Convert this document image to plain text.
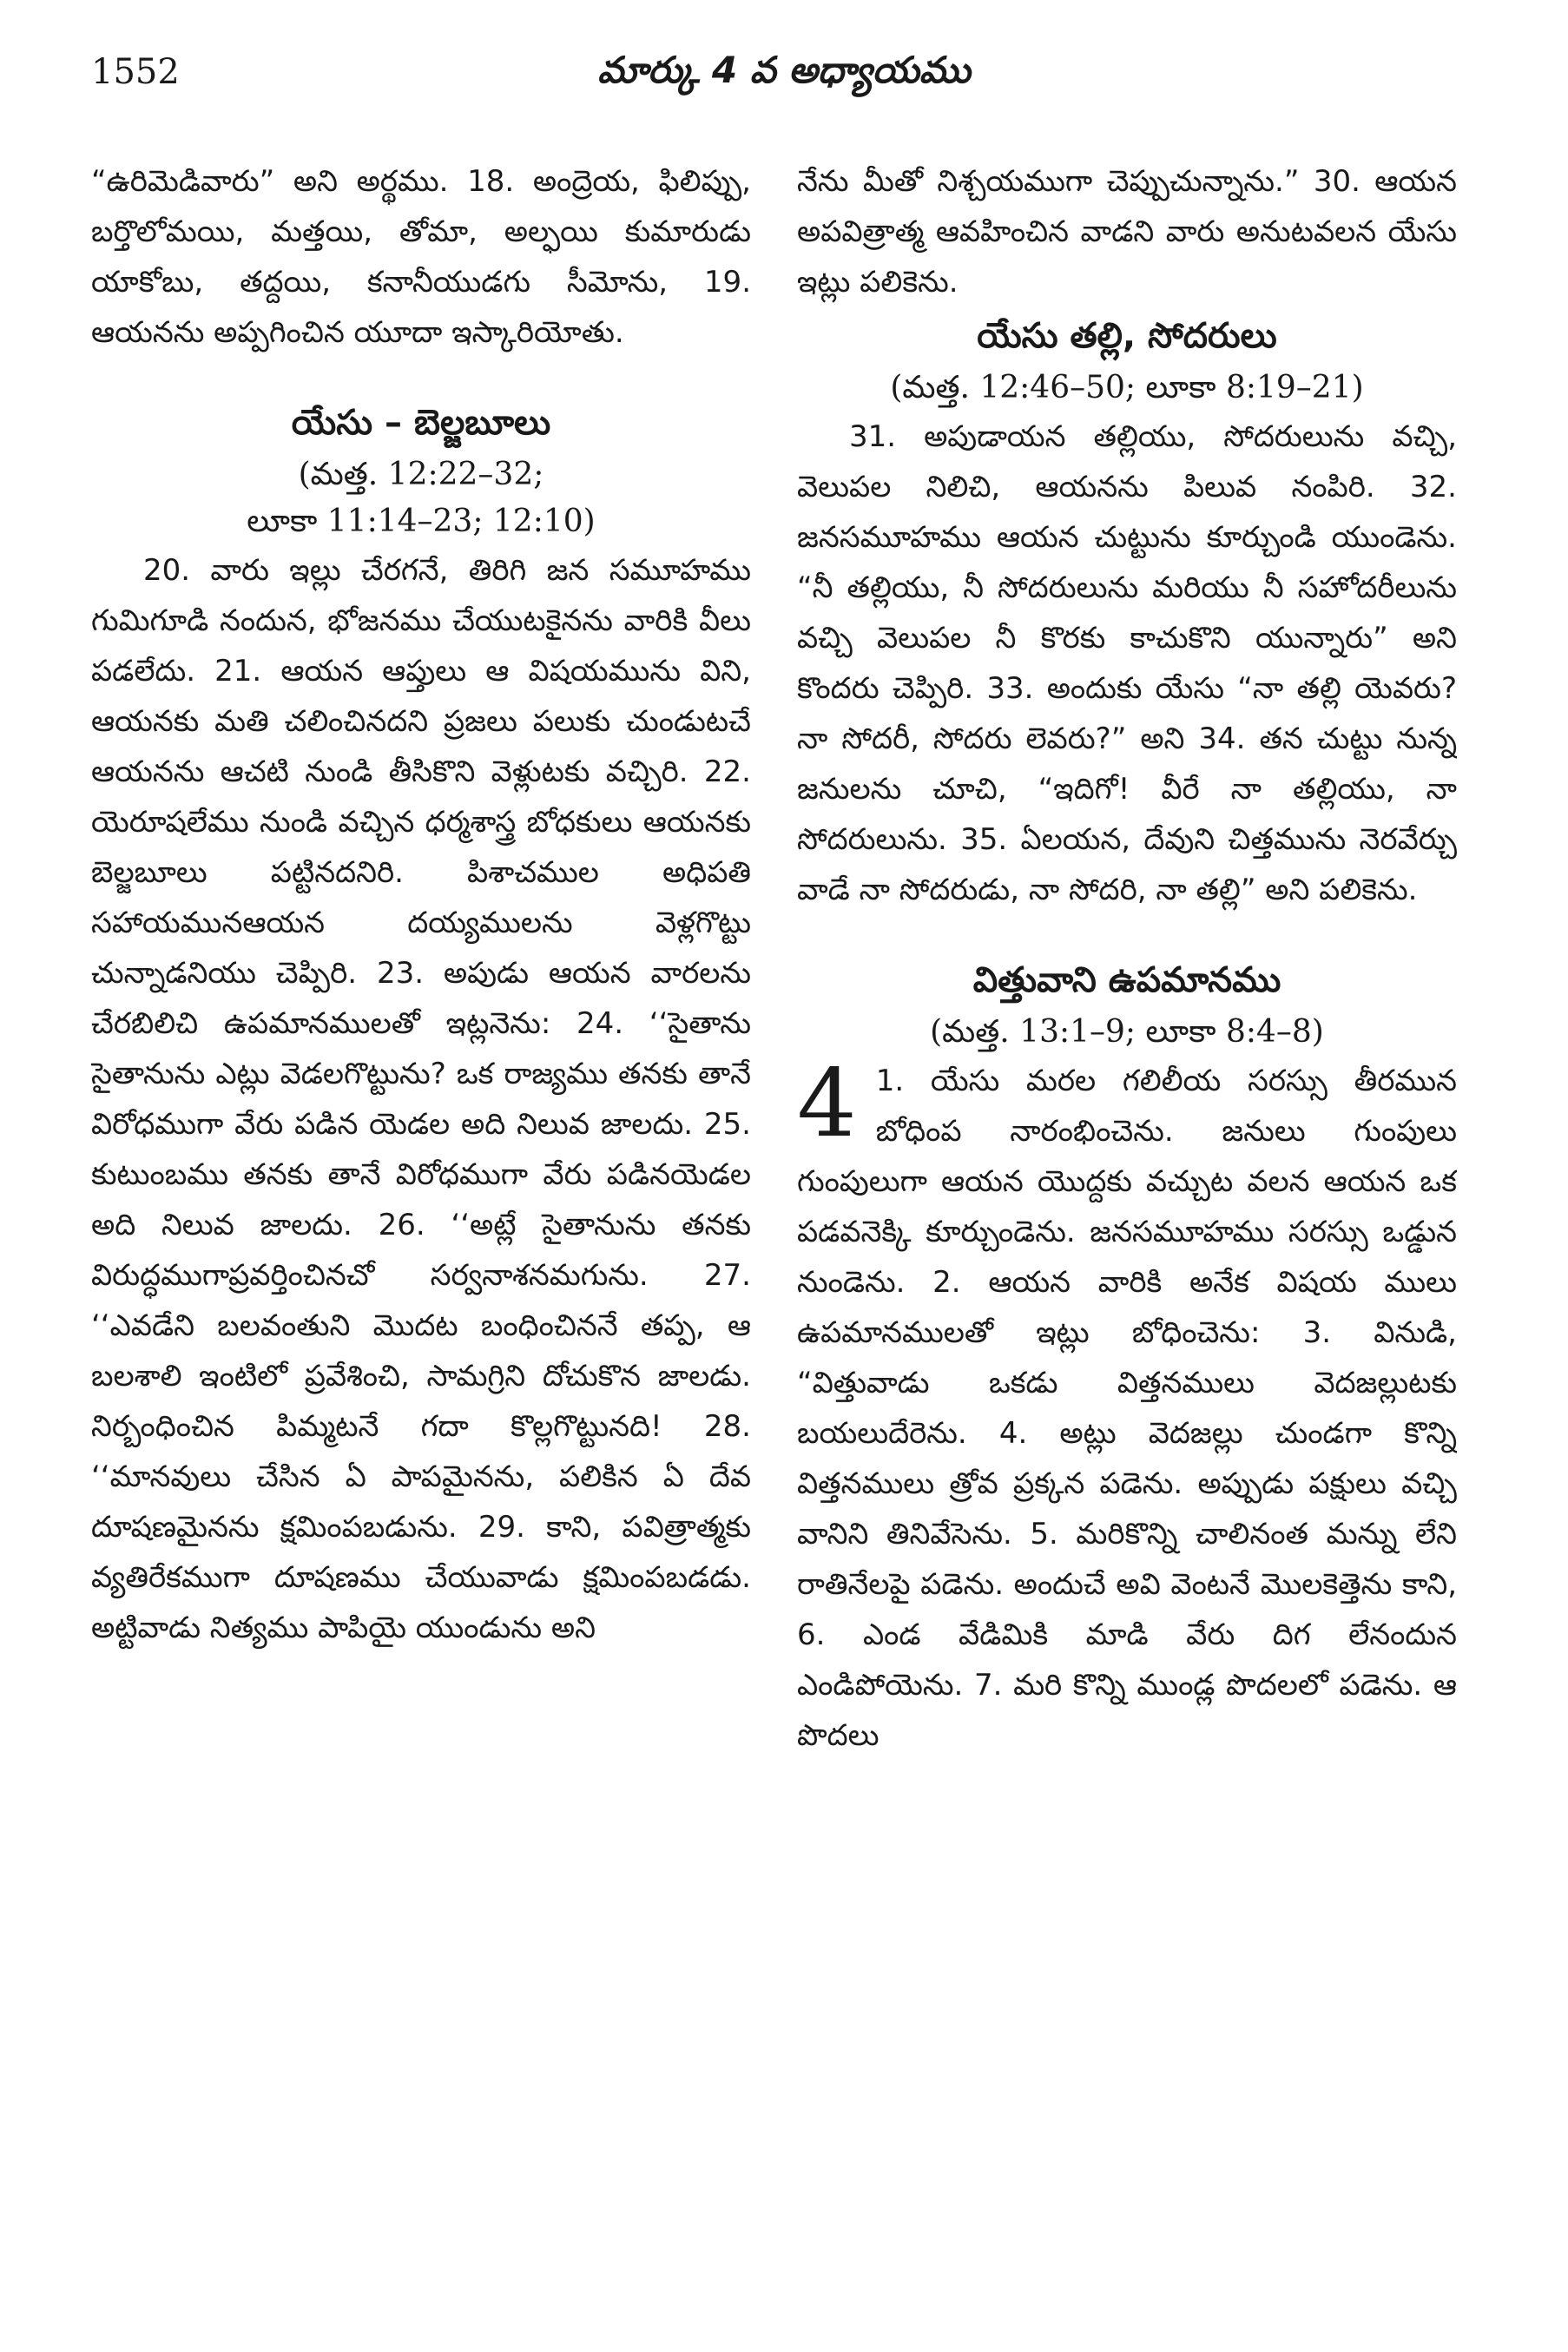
1552	మార్కు 4 వ అధ్యాయము

“ఉరిమెడివారు” అని అర్థము. 18. అంద్రెయ, ఫిలిప్పు, బర్తొలోమయి, మత్తయి, తోమా, అల్ఫయి కుమారుడు యాకోబు, తద్దయి, కనానీయుడగు సీమోను, 19. ఆయనను అప్పగించిన యూదా ఇస్కారియోతు.

యేసు – బెల్జబూలు

(మత్త. 12:22–32;

లూకా 11:14–23; 12:10)

20. వారు ఇల్లు చేరగనే, తిరిగి జన సమూహము గుమిగూడి నందున, భోజనము చేయుటకైనను వారికి వీలు పడలేదు. 21. ఆయన ఆప్తులు ఆ విషయమును విని, ఆయనకు మతి చలించినదని ప్రజలు పలుకు చుండుటచే ఆయనను ఆచటి నుండి తీసికొని వెళ్లుటకు వచ్చిరి. 22. యెరూషలేము నుండి వచ్చిన ధర్మశాస్త్ర బోధకులు ఆయనకు బెల్జబూలు పట్టినదనిరి. పిశాచముల అధిపతి సహాయమునఆయన దయ్యములను వెళ్లగొట్టు చున్నాడనియు చెప్పిరి. 23. అపుడు ఆయన వారలను చేరబిలిచి ఉపమానములతో ఇట్లనెను: 24. ‘‘సైతాను సైతానును ఎట్లు వెడలగొట్టును? ఒక రాజ్యము తనకు తానే విరోధముగా వేరు పడిన యెడల అది నిలువ జాలదు. 25. కుటుంబము తనకు తానే విరోధముగా వేరు పడినయెడల అది నిలువ జాలదు. 26. ‘‘అట్లే సైతానును తనకు విరుద్ధముగాప్రవర్తించినచో సర్వనాశనమగును. 27. ‘‘ఎవడేని బలవంతుని మొదట బంధించిననే తప్ప, ఆ బలశాలి ఇంటిలో ప్రవేశించి, సామగ్రిని దోచుకొన జాలడు. నిర్బంధించిన పిమ్మటనే గదా కొల్లగొట్టునది! 28. ‘‘మానవులు చేసిన ఏ పాపమైనను, పలికిన ఏ దేవ దూషణమైనను క్షమింపబడును. 29. కాని, పవిత్రాత్మకు వ్యతిరేకముగా దూషణము చేయువాడు క్షమింపబడడు. అట్టివాడు నిత్యము పాపియై యుండును అని

నేను మీతో నిశ్చయముగా చెప్పుచున్నాను.” 30. ఆయన అపవిత్రాత్మ ఆవహించిన వాడని వారు అనుటవలన యేసు ఇట్లు పలికెను.

యేసు తల్లి, సోదరులు

(మత్త. 12:46–50; లూకా 8:19–21)

31. అపుడాయన తల్లియు, సోదరులును వచ్చి, వెలుపల నిలిచి, ఆయనను పిలువ నంపిరి. 32. జనసమూహము ఆయన చుట్టును కూర్చుండి యుండెను. “నీ తల్లియు, నీ సోదరులును మరియు నీ సహోదరీలును వచ్చి వెలుపల నీ కొరకు కాచుకొని యున్నారు” అని కొందరు చెప్పిరి. 33. అందుకు యేసు “నా తల్లి యెవరు? నా సోదరీ, సోదరు లెవరు?” అని 34. తన చుట్టు నున్న జనులను చూచి, “ఇదిగో! వీరే నా తల్లియు, నా సోదరులును. 35. ఏలయన, దేవుని చిత్తమును నెరవేర్చు వాడే నా సోదరుడు, నా సోదరి, నా తల్లి” అని పలికెను.

విత్తువాని ఉపమానము

(మత్త. 13:1–9; లూకా 8:4–8)

4 1. యేసు మరల గలిలీయ సరస్సు తీరమున బోధింప నారంభించెను. జనులు గుంపులు గుంపులుగా ఆయన యొద్దకు వచ్చుట వలన ఆయన ఒక పడవనెక్కి కూర్చుండెను. జనసమూహము సరస్సు ఒడ్డున నుండెను. 2. ఆయన వారికి అనేక విషయ ములు ఉపమానములతో ఇట్లు బోధించెను: 3. వినుడి, “విత్తువాడు ఒకడు విత్తనములు వెదజల్లుటకు బయలుదేరెను. 4. అట్లు వెదజల్లు చుండగా కొన్ని విత్తనములు త్రోవ ప్రక్కన పడెను. అప్పుడు పక్షులు వచ్చి వానిని తినివేసెను. 5. మరికొన్ని చాలినంత మన్ను లేని రాతినేలపై పడెను. అందుచే అవి వెంటనే మొలకెత్తెను కాని, 6. ఎండ వేడిమికి మాడి వేరు దిగ లేనందున ఎండిపోయెను. 7. మరి కొన్ని ముండ్ల పొదలలో పడెను. ఆ పొదలు
